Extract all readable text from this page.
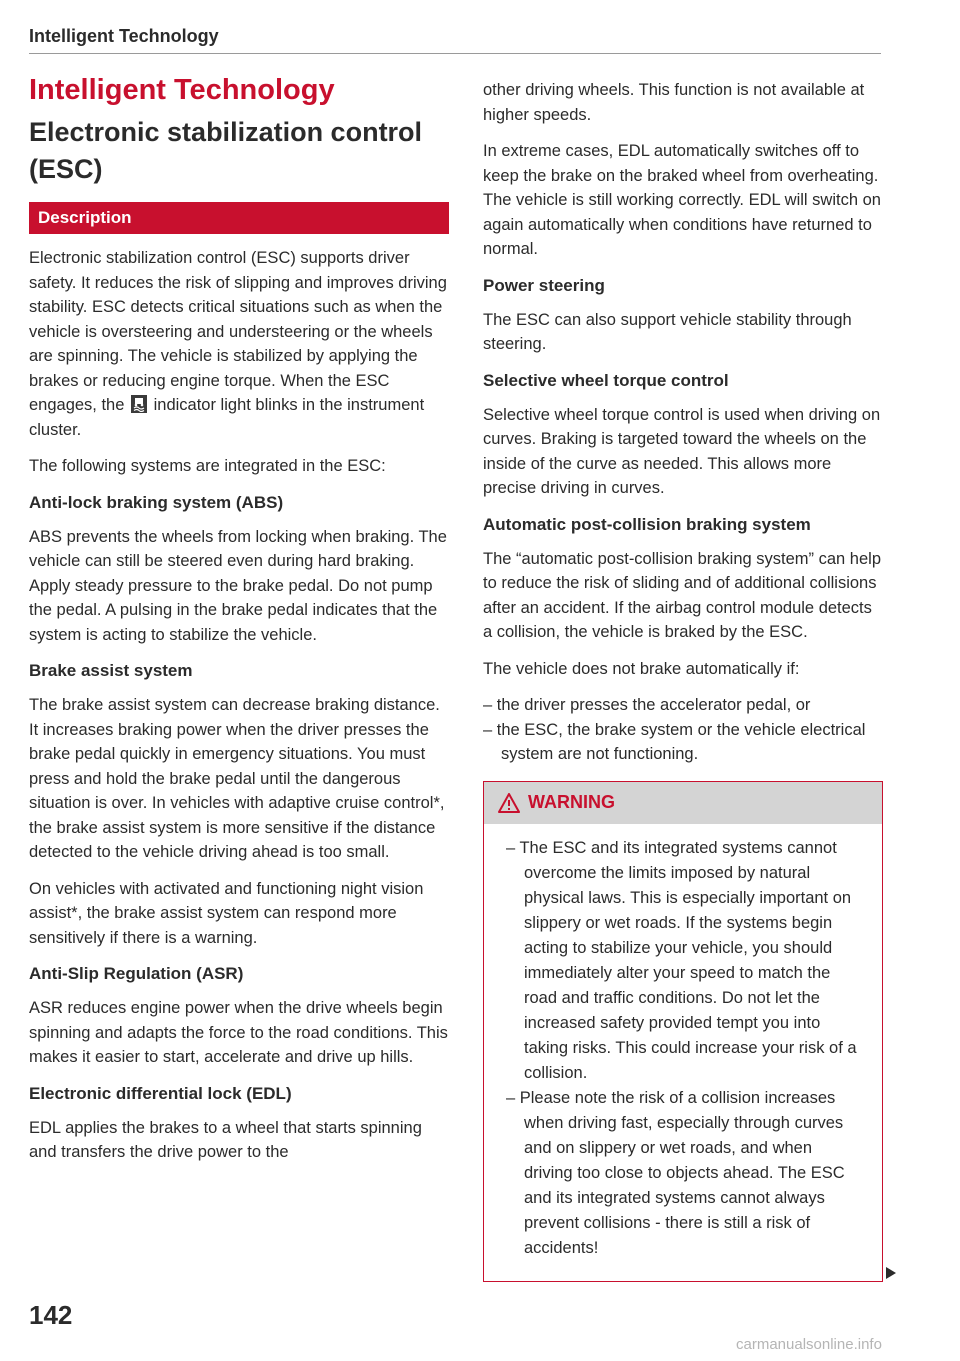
Intelligent Technology
Intelligent Technology
Electronic stabilization control (ESC)
Description

Electronic stabilization control (ESC) supports driver safety. It reduces the risk of slipping and improves driving stability. ESC detects critical situations such as when the vehicle is oversteering and understeering or the wheels are spinning. The vehicle is stabilized by applying the brakes or reducing engine torque. When the ESC engages, the indicator light blinks in the instrument cluster.

The following systems are integrated in the ESC:

Anti-lock braking system (ABS)

ABS prevents the wheels from locking when braking. The vehicle can still be steered even during hard braking. Apply steady pressure to the brake pedal. Do not pump the pedal. A pulsing in the brake pedal indicates that the system is acting to stabilize the vehicle.

Brake assist system

The brake assist system can decrease braking distance. It increases braking power when the driver presses the brake pedal quickly in emergency situations. You must press and hold the brake pedal until the dangerous situation is over. In vehicles with adaptive cruise control*, the brake assist system is more sensitive if the distance detected to the vehicle driving ahead is too small.

On vehicles with activated and functioning night vision assist*, the brake assist system can respond more sensitively if there is a warning.

Anti-Slip Regulation (ASR)

ASR reduces engine power when the drive wheels begin spinning and adapts the force to the road conditions. This makes it easier to start, accelerate and drive up hills.

Electronic differential lock (EDL)

EDL applies the brakes to a wheel that starts spinning and transfers the drive power to the

other driving wheels. This function is not available at higher speeds.

In extreme cases, EDL automatically switches off to keep the brake on the braked wheel from overheating. The vehicle is still working correctly. EDL will switch on again automatically when conditions have returned to normal.

Power steering

The ESC can also support vehicle stability through steering.

Selective wheel torque control

Selective wheel torque control is used when driving on curves. Braking is targeted toward the wheels on the inside of the curve as needed. This allows more precise driving in curves.

Automatic post-collision braking system

The “automatic post-collision braking system” can help to reduce the risk of sliding and of additional collisions after an accident. If the airbag control module detects a collision, the vehicle is braked by the ESC.

The vehicle does not brake automatically if:

– the driver presses the accelerator pedal, or
– the ESC, the brake system or the vehicle electrical system are not functioning.
WARNING
– The ESC and its integrated systems cannot overcome the limits imposed by natural physical laws. This is especially important on slippery or wet roads. If the systems begin acting to stabilize your vehicle, you should immediately alter your speed to match the road and traffic conditions. Do not let the increased safety provided tempt you into taking risks. This could increase your risk of a collision.
– Please note the risk of a collision increases when driving fast, especially through curves and on slippery or wet roads, and when driving too close to objects ahead. The ESC and its integrated systems cannot always prevent collisions - there is still a risk of accidents!
142
carmanualsonline.info
